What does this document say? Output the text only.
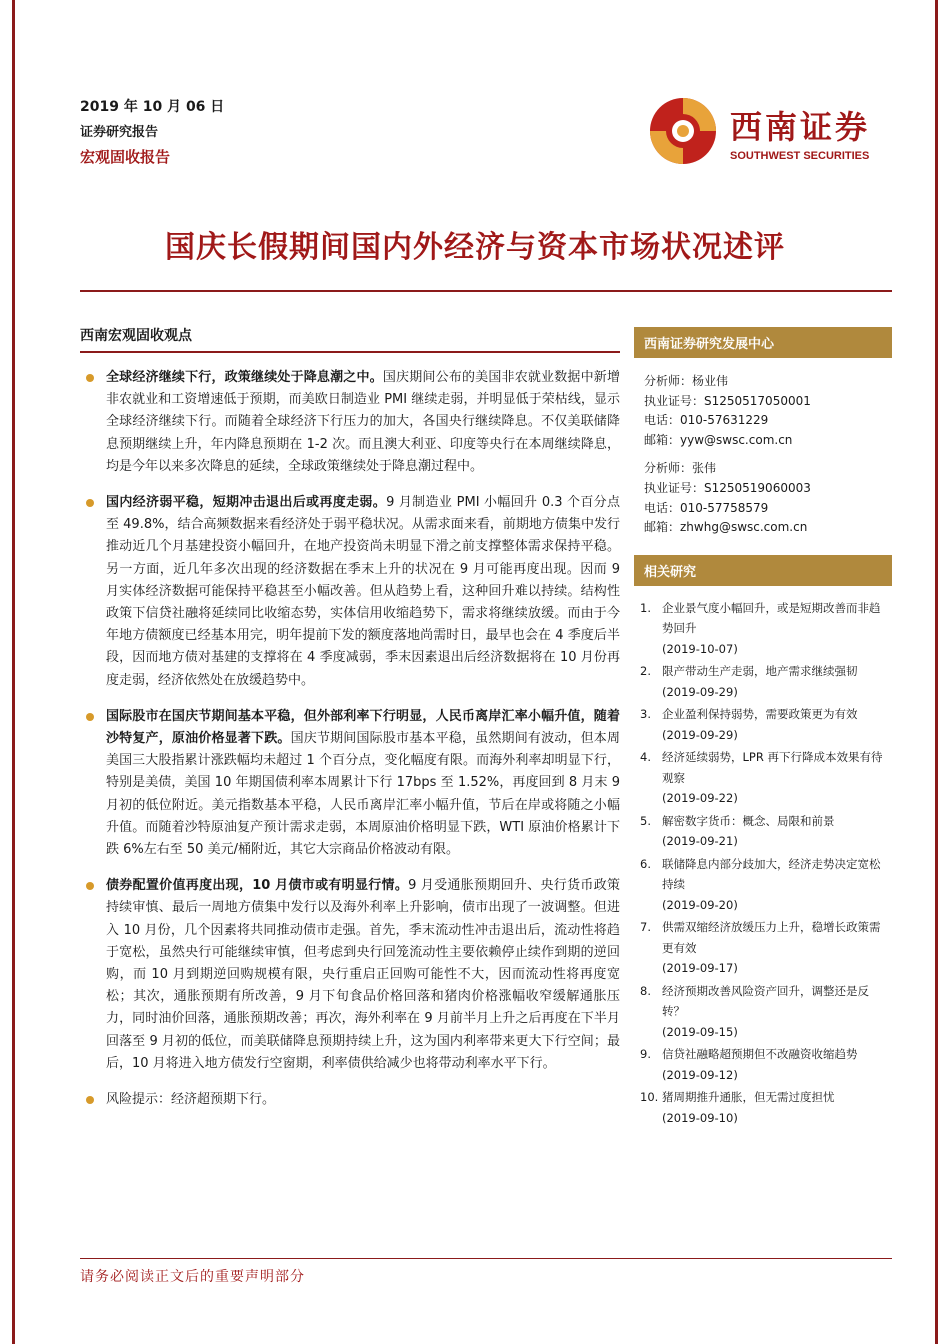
2019 年 10 月 06 日
证券研究报告
宏观固收报告
西南证券
SOUTHWEST SECURITIES
国庆长假期间国内外经济与资本市场状况述评
西南宏观固收观点
全球经济继续下行，政策继续处于降息潮之中。国庆期间公布的美国非农就业数据中新增非农就业和工资增速低于预期，而美欧日制造业 PMI 继续走弱，并明显低于荣枯线，显示全球经济继续下行。而随着全球经济下行压力的加大，各国央行继续降息。不仅美联储降息预期继续上升，年内降息预期在 1-2 次。而且澳大利亚、印度等央行在本周继续降息，均是今年以来多次降息的延续，全球政策继续处于降息潮过程中。
国内经济弱平稳，短期冲击退出后或再度走弱。9 月制造业 PMI 小幅回升 0.3 个百分点至 49.8%，结合高频数据来看经济处于弱平稳状况。从需求面来看，前期地方债集中发行推动近几个月基建投资小幅回升，在地产投资尚未明显下滑之前支撑整体需求保持平稳。另一方面，近几年多次出现的经济数据在季末上升的状况在 9 月可能再度出现。因而 9 月实体经济数据可能保持平稳甚至小幅改善。但从趋势上看，这种回升难以持续。结构性政策下信贷社融将延续同比收缩态势，实体信用收缩趋势下，需求将继续放缓。而由于今年地方债额度已经基本用完，明年提前下发的额度落地尚需时日，最早也会在 4 季度后半段，因而地方债对基建的支撑将在 4 季度减弱，季末因素退出后经济数据将在 10 月份再度走弱，经济依然处在放缓趋势中。
国际股市在国庆节期间基本平稳，但外部利率下行明显，人民币离岸汇率小幅升值，随着沙特复产，原油价格显著下跌。国庆节期间国际股市基本平稳，虽然期间有波动，但本周美国三大股指累计涨跌幅均未超过 1 个百分点，变化幅度有限。而海外利率却明显下行，特别是美债，美国 10 年期国债利率本周累计下行 17bps 至 1.52%，再度回到 8 月末 9 月初的低位附近。美元指数基本平稳，人民币离岸汇率小幅升值，节后在岸或将随之小幅升值。而随着沙特原油复产预计需求走弱，本周原油价格明显下跌，WTI 原油价格累计下跌 6%左右至 50 美元/桶附近，其它大宗商品价格波动有限。
债券配置价值再度出现，10 月债市或有明显行情。9 月受通胀预期回升、央行货币政策持续审慎、最后一周地方债集中发行以及海外利率上升影响，债市出现了一波调整。但进入 10 月份，几个因素将共同推动债市走强。首先，季末流动性冲击退出后，流动性将趋于宽松，虽然央行可能继续审慎，但考虑到央行回笼流动性主要依赖停止续作到期的逆回购，而 10 月到期逆回购规模有限，央行重启正回购可能性不大，因而流动性将再度宽松；其次，通胀预期有所改善，9 月下旬食品价格回落和猪肉价格涨幅收窄缓解通胀压力，同时油价回落，通胀预期改善；再次，海外利率在 9 月前半月上升之后再度在下半月回落至 9 月初的低位，而美联储降息预期持续上升，这为国内利率带来更大下行空间；最后，10 月将进入地方债发行空窗期，利率债供给减少也将带动利率水平下行。
风险提示：经济超预期下行。
西南证券研究发展中心
分析师：杨业伟
执业证号：S1250517050001
电话：010-57631229
邮箱：yyw@swsc.com.cn
分析师：张伟
执业证号：S1250519060003
电话：010-57758579
邮箱：zhwhg@swsc.com.cn
相关研究
1. 企业景气度小幅回升，或是短期改善而非趋势回升
(2019-10-07)
2. 限产带动生产走弱，地产需求继续强韧
(2019-09-29)
3. 企业盈利保持弱势，需要政策更为有效
(2019-09-29)
4. 经济延续弱势，LPR 再下行降成本效果有待观察
(2019-09-22)
5. 解密数字货币：概念、局限和前景
(2019-09-21)
6. 联储降息内部分歧加大，经济走势决定宽松持续
(2019-09-20)
7. 供需双缩经济放缓压力上升，稳增长政策需更有效
(2019-09-17)
8. 经济预期改善风险资产回升，调整还是反转？
(2019-09-15)
9. 信贷社融略超预期但不改融资收缩趋势
(2019-09-12)
10. 猪周期推升通胀，但无需过度担忧
(2019-09-10)
请务必阅读正文后的重要声明部分
